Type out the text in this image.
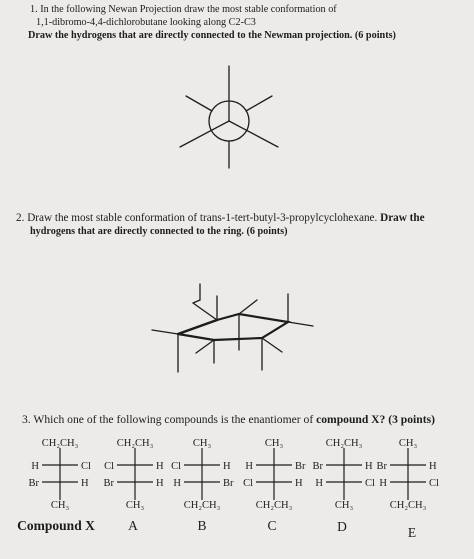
1. In the following Newan Projection draw the most stable conformation of
1,1-dibromo-4,4-dichlorobutane looking along C2-C3
Draw the hydrogens that are directly connected to the Newman projection. (6 points)
2. Draw the most stable conformation of trans-1-tert-butyl-3-propylcyclohexane. Draw the
hydrogens that are directly connected to the ring. (6 points)
3. Which one of the following compounds is the enantiomer of compound X? (3 points)
CH₂CH₃
H	Cl
Br	H
CH₃
Compound X
CH₂CH₃
Cl	H
Br	H
CH₃
A
CH₃
Cl	H
H	Br
CH₂CH₃
B
CH₃
H	Br
Cl	H
CH₂CH₃
C
CH₂CH₃
Br	H
H	Cl
CH₃
D
CH₃
Br	H
H	Cl
CH₂CH₃
E
